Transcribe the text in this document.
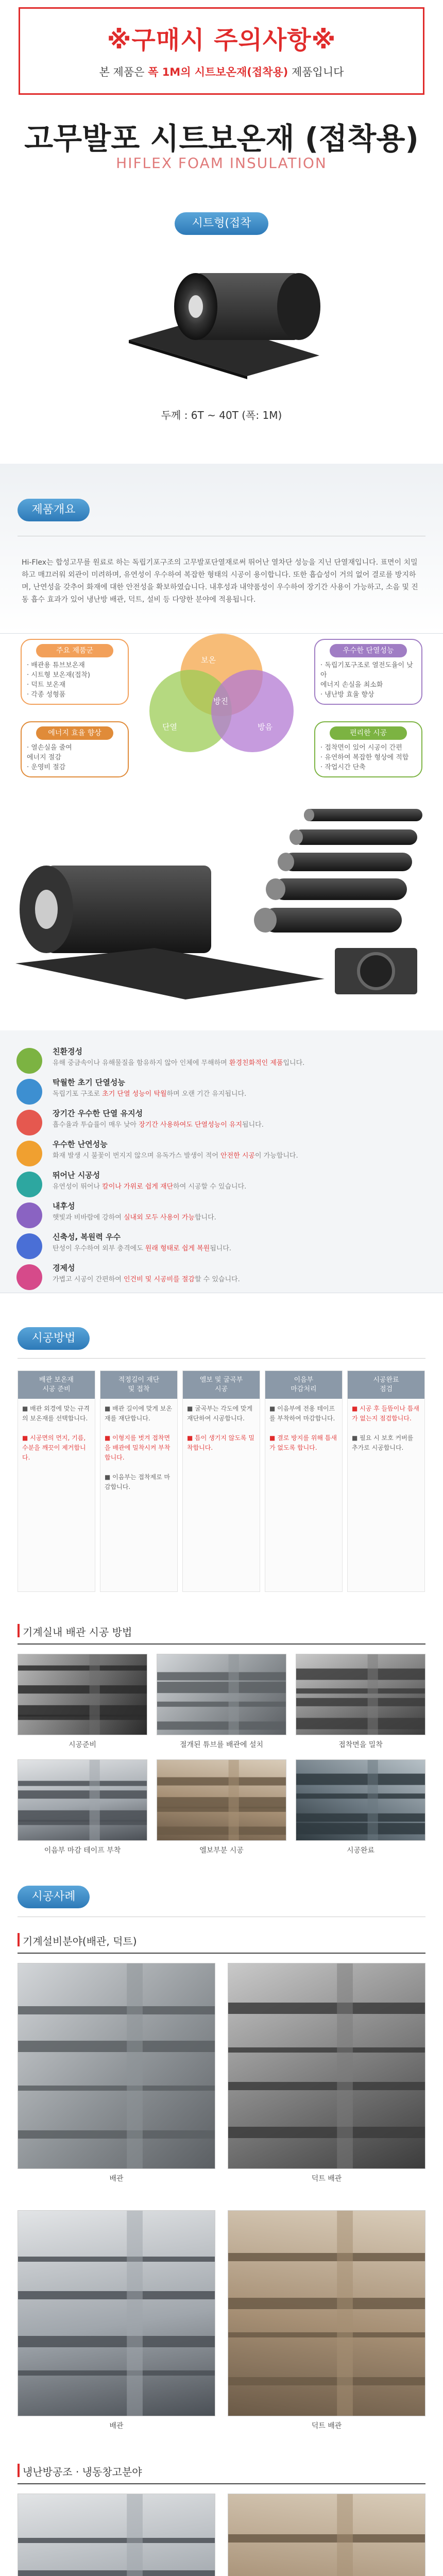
※구매시 주의사항※

본 제품은 폭 1M의 시트보온재(접착용) 제품입니다

고무발포 시트보온재 (접착용)
HIFLEX FOAM INSULATION
시트형(접착용)
두께 : 6T ~ 40T (폭: 1M)
제품개요
Hi-Flex는 합성고무를 원료로 하는 독립기포구조의 고무발포단열재로써 뛰어난 열차단 성능을 지닌 단열재입니다. 표면이 치밀하고 매끄러워 외관이 미려하며, 유연성이 우수하여 복잡한 형태의 시공이 용이합니다. 또한 흡습성이 거의 없어 결로를 방지하며, 난연성을 갖추어 화재에 대한 안전성을 확보하였습니다. 내후성과 내약품성이 우수하여 장기간 사용이 가능하고, 소음 및 진동 흡수 효과가 있어 냉난방 배관, 덕트, 설비 등 다양한 분야에 적용됩니다.
보온
단열	방음
방진
결로
주요 제품군
· 배관용 튜브보온재
· 시트형 보온재(접착)
· 덕트 보온재
· 각종 성형품
우수한 단열성능
· 독립기포구조로 열전도율이 낮아
에너지 손실을 최소화
· 냉난방 효율 향상
에너지 효율 향상
· 열손실을 줄여
에너지 절감
· 운영비 절감
편리한 시공
· 접착면이 있어 시공이 간편
· 유연하여 복잡한 형상에 적합
· 작업시간 단축
친환경성
유해 중금속이나 유해물질을 함유하지 않아 인체에 무해하며 환경친화적인 제품입니다.
탁월한 초기 단열성능
독립기포 구조로 초기 단열 성능이 탁월하며 오랜 기간 유지됩니다.
장기간 우수한 단열 유지성
흡수율과 투습률이 매우 낮아 장기간 사용하여도 단열성능이 유지됩니다.
우수한 난연성능
화재 발생 시 불꽃이 번지지 않으며 유독가스 발생이 적어 안전한 시공이 가능합니다.
뛰어난 시공성
유연성이 뛰어나 칼이나 가위로 쉽게 재단하여 시공할 수 있습니다.
내후성
햇빛과 비바람에 강하여 실내외 모두 사용이 가능합니다.
신축성, 복원력 우수
탄성이 우수하여 외부 충격에도 원래 형태로 쉽게 복원됩니다.
경제성
가볍고 시공이 간편하여 인건비 및 시공비를 절감할 수 있습니다.
시공방법
배관 보온재
시공 준비

■ 배관 외경에 맞는 규격의 보온재를 선택합니다.

■ 시공면의 먼지, 기름, 수분을 깨끗이 제거합니다.

적정길이 재단
및 접착

■ 배관 길이에 맞게 보온재를 재단합니다.

■ 이형지를 벗겨 접착면을 배관에 밀착시켜 부착합니다.

■ 이음부는 접착제로 마감합니다.

엘보 및 굴곡부
시공

■ 굴곡부는 각도에 맞게 재단하여 시공합니다.

■ 틈이 생기지 않도록 밀착합니다.

이음부
마감처리

■ 이음부에 전용 테이프를 부착하여 마감합니다.

■ 결로 방지를 위해 틈새가 없도록 합니다.

시공완료
점검

■ 시공 후 들뜸이나 틈새가 없는지 점검합니다.

■ 필요 시 보호 커버를 추가로 시공합니다.

기계실내 배관 시공 방법
시공사례
기계설비분야(배관, 덕트)
냉난방공조 · 냉동창고분야
시공준비	절개된 튜브를 배관에 설치	접착면을 밀착
이음부 마감 테이프 부착	엘보부분 시공	시공완료
배관	덕트 배관
배관	덕트 배관
